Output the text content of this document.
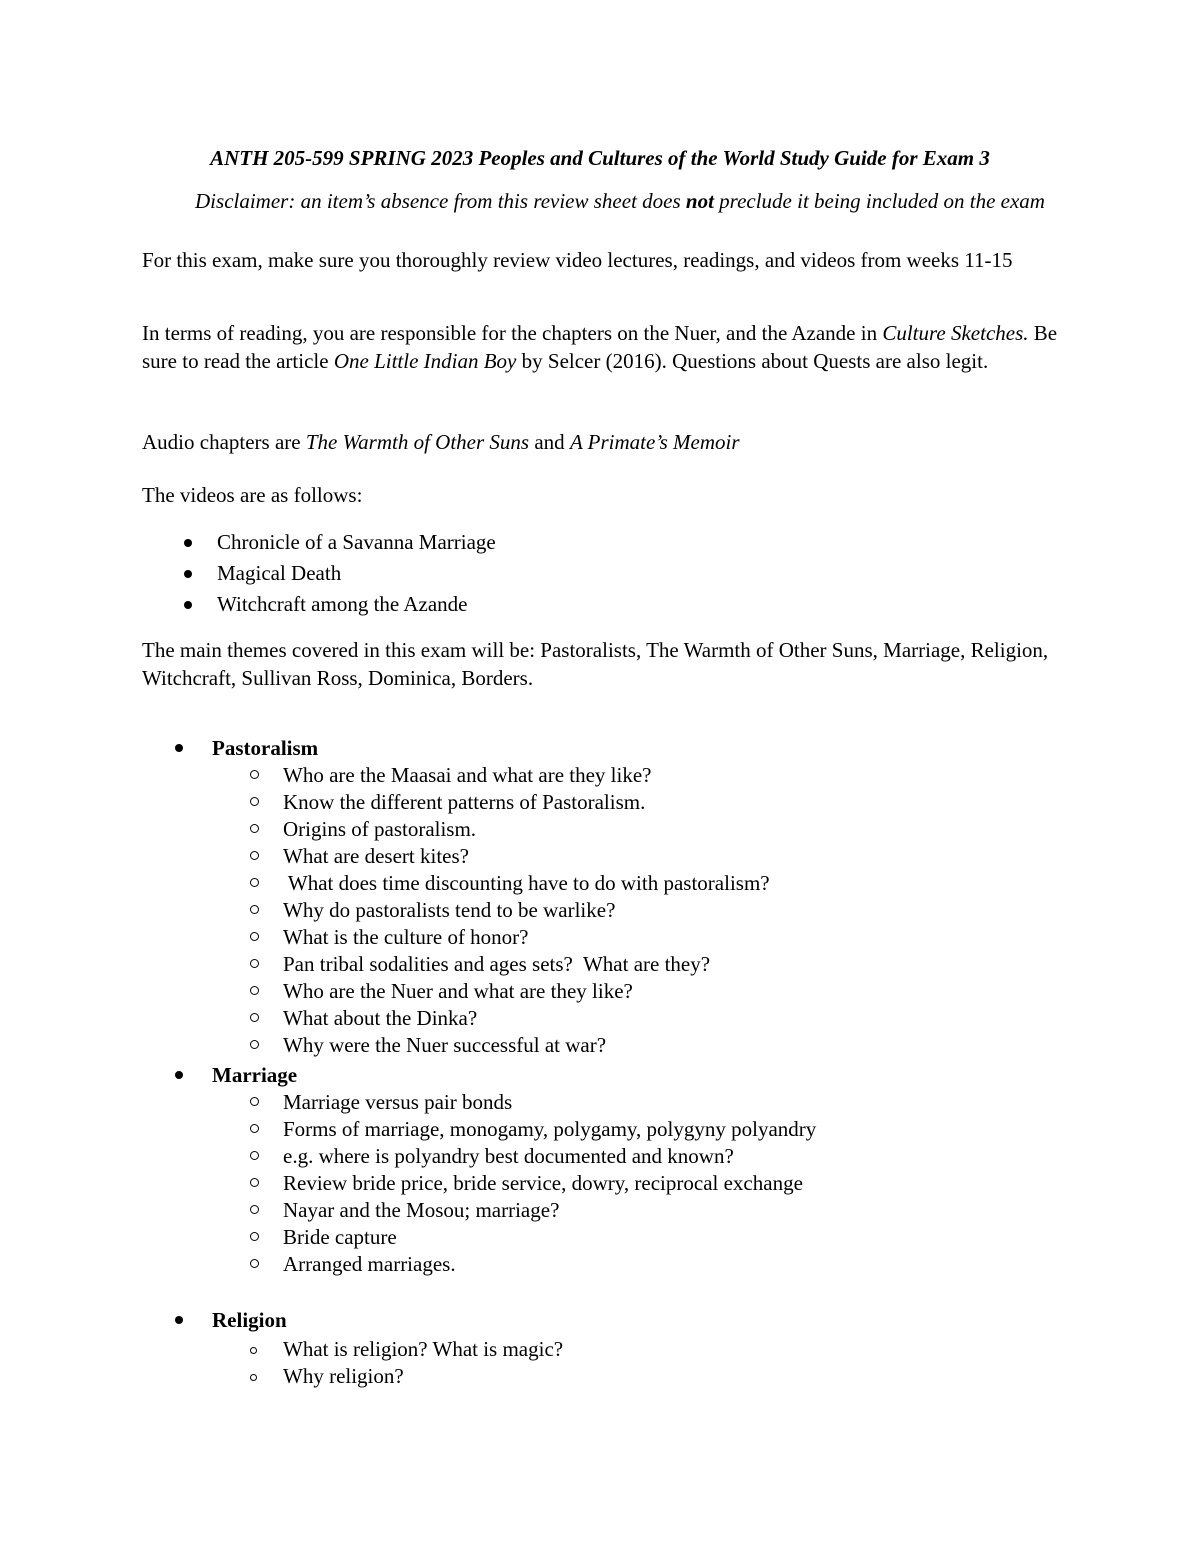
ANTH 205-599 SPRING 2023 Peoples and Cultures of the World Study Guide for Exam 3
Disclaimer: an item’s absence from this review sheet does not preclude it being included on the exam
For this exam, make sure you thoroughly review video lectures, readings, and videos from weeks 11-15
In terms of reading, you are responsible for the chapters on the Nuer, and the Azande in Culture Sketches. Be sure to read the article One Little Indian Boy by Selcer (2016). Questions about Quests are also legit.
Audio chapters are The Warmth of Other Suns and A Primate’s Memoir
The videos are as follows:
Chronicle of a Savanna Marriage
Magical Death
Witchcraft among the Azande
The main themes covered in this exam will be: Pastoralists, The Warmth of Other Suns, Marriage, Religion, Witchcraft, Sullivan Ross, Dominica, Borders.
Pastoralism
Who are the Maasai and what are they like?
Know the different patterns of Pastoralism.
Origins of pastoralism.
What are desert kites?
What does time discounting have to do with pastoralism?
Why do pastoralists tend to be warlike?
What is the culture of honor?
Pan tribal sodalities and ages sets?  What are they?
Who are the Nuer and what are they like?
What about the Dinka?
Why were the Nuer successful at war?
Marriage
Marriage versus pair bonds
Forms of marriage, monogamy, polygamy, polygyny polyandry
e.g. where is polyandry best documented and known?
Review bride price, bride service, dowry, reciprocal exchange
Nayar and the Mosou; marriage?
Bride capture
Arranged marriages.
Religion
What is religion? What is magic?
Why religion?
